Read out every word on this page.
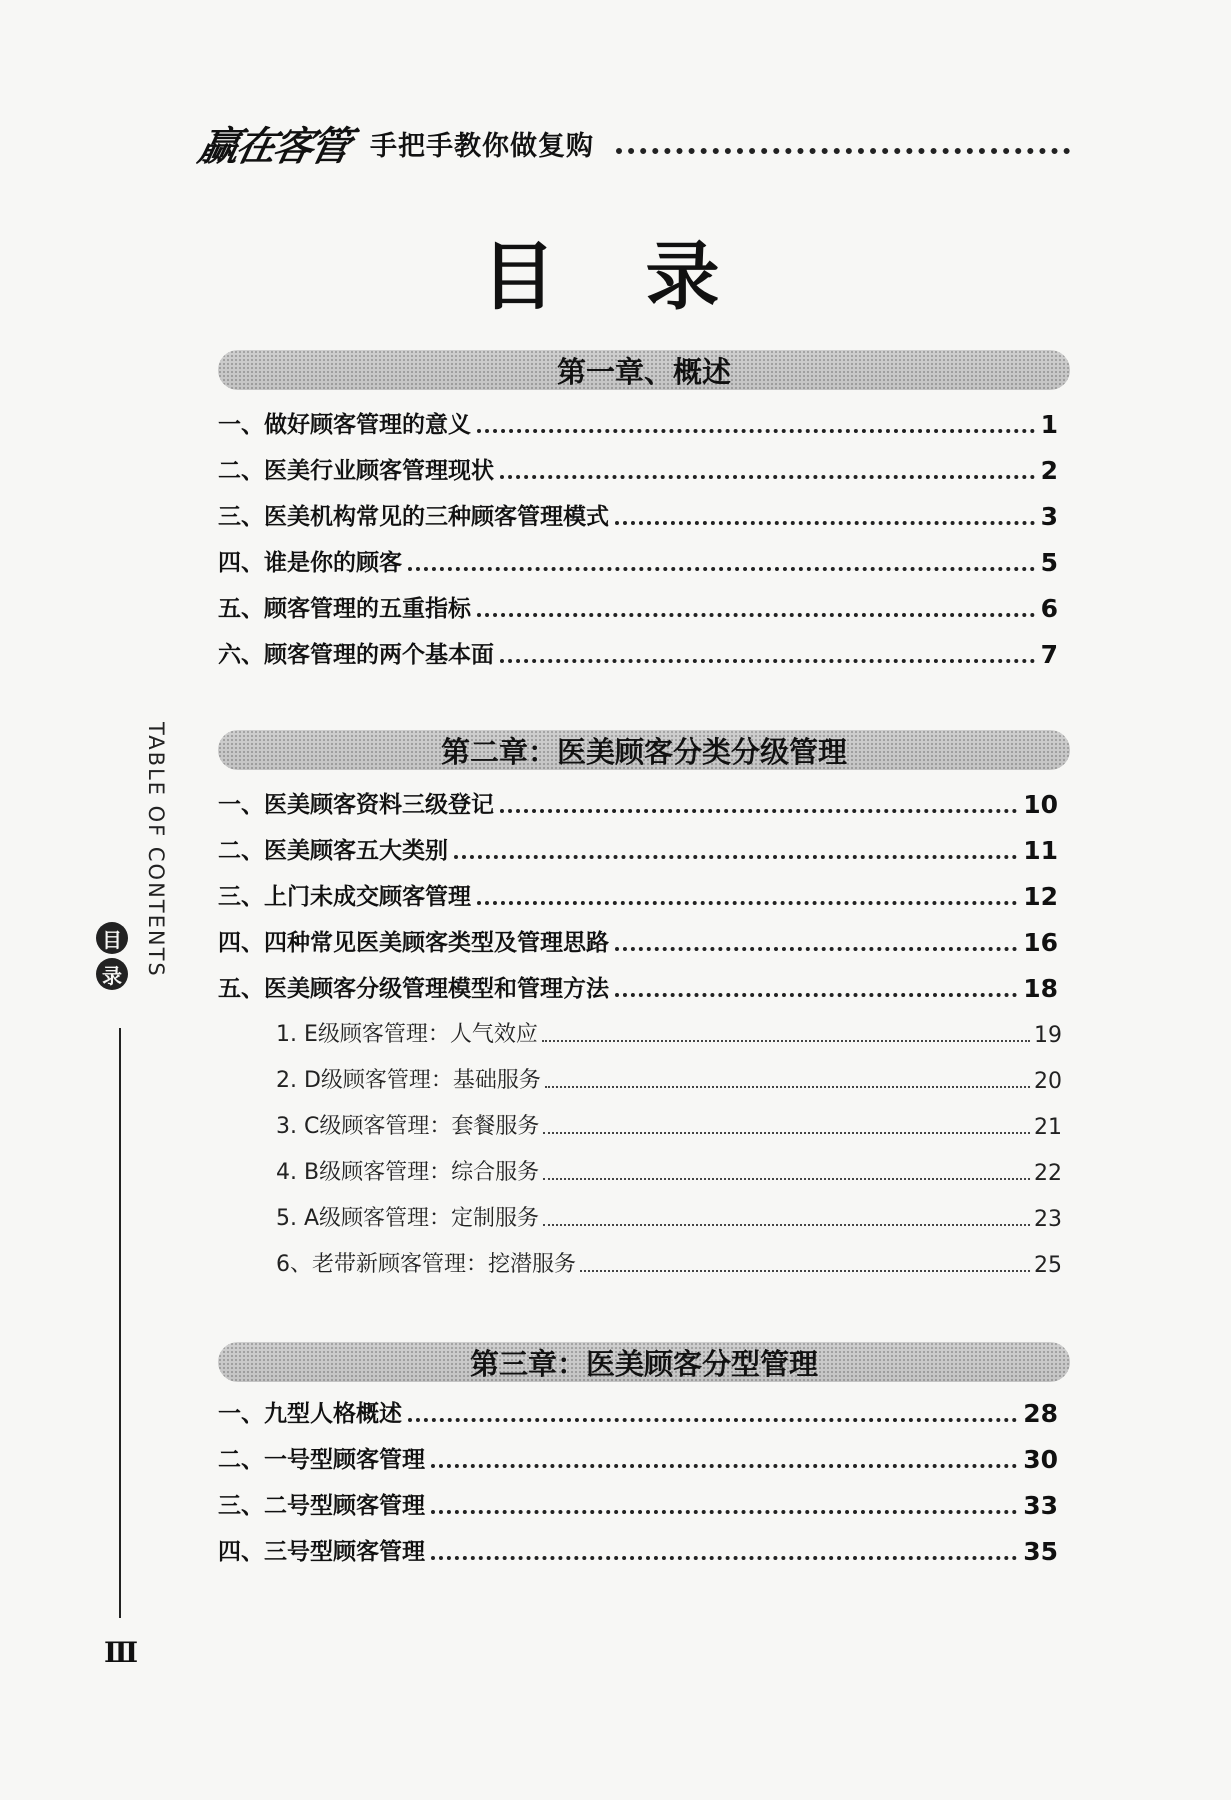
赢在客管 手把手教你做复购
目录
第一章、概述
一、做好顾客管理的意义	1
二、医美行业顾客管理现状	2
三、医美机构常见的三种顾客管理模式	3
四、谁是你的顾客	5
五、顾客管理的五重指标	6
六、顾客管理的两个基本面	7
第二章：医美顾客分类分级管理
一、医美顾客资料三级登记	10
二、医美顾客五大类别	11
三、上门未成交顾客管理	12
四、四种常见医美顾客类型及管理思路	16
五、医美顾客分级管理模型和管理方法	18
1. E级顾客管理：人气效应	19
2. D级顾客管理：基础服务	20
3. C级顾客管理：套餐服务	21
4. B级顾客管理：综合服务	22
5. A级顾客管理：定制服务	23
6、老带新顾客管理：挖潜服务	25
第三章：医美顾客分型管理
一、九型人格概述	28
二、一号型顾客管理	30
三、二号型顾客管理	33
四、三号型顾客管理	35
TABLE OF CONTENTS
目
录
Ⅲ
